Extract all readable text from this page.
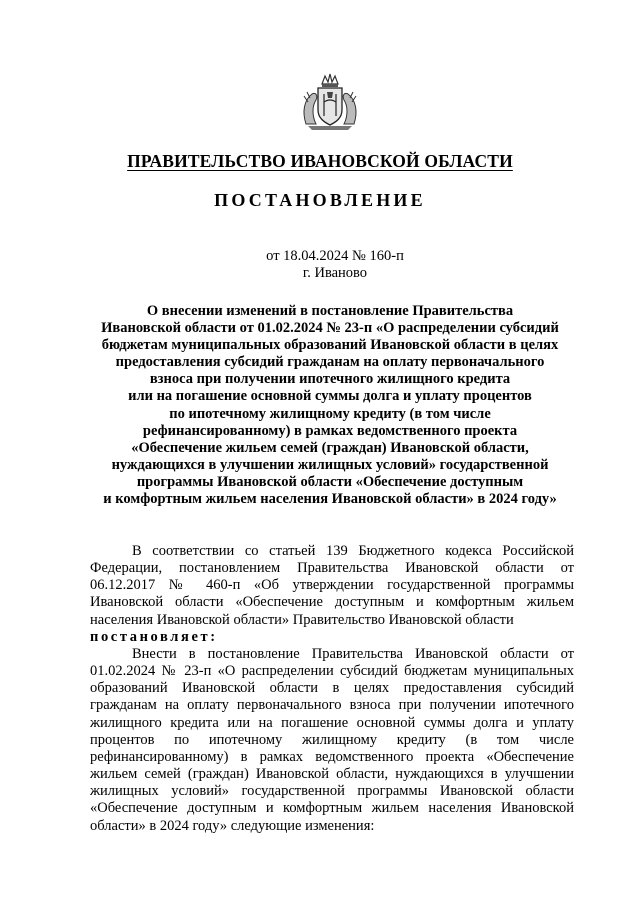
ПРАВИТЕЛЬСТВО ИВАНОВСКОЙ ОБЛАСТИ
ПОСТАНОВЛЕНИЕ
от 18.04.2024 № 160-п
г. Иваново
О внесении изменений в постановление Правительства
Ивановской области от 01.02.2024 № 23-п «О распределении субсидий
бюджетам муниципальных образований Ивановской области в целях
предоставления субсидий гражданам на оплату первоначального
взноса при получении ипотечного жилищного кредита
или на погашение основной суммы долга и уплату процентов
по ипотечному жилищному кредиту (в том числе
рефинансированному) в рамках ведомственного проекта
«Обеспечение жильем семей (граждан) Ивановской области,
нуждающихся в улучшении жилищных условий» государственной
программы Ивановской области «Обеспечение доступным
и комфортным жильем населения Ивановской области» в 2024 году»

В соответствии со статьей 139 Бюджетного кодекса Российской Федерации, постановлением Правительства Ивановской области от 06.12.2017 № 460-п «Об утверждении государственной программы Ивановской области «Обеспечение доступным и комфортным жильем населения Ивановской области» Правительство Ивановской области

постановляет:

Внести в постановление Правительства Ивановской области от 01.02.2024 № 23-п «О распределении субсидий бюджетам муниципальных образований Ивановской области в целях предоставления субсидий гражданам на оплату первоначального взноса при получении ипотечного жилищного кредита или на погашение основной суммы долга и уплату процентов по ипотечному жилищному кредиту (в том числе рефинансированному) в рамках ведомственного проекта «Обеспечение жильем семей (граждан) Ивановской области, нуждающихся в улучшении жилищных условий» государственной программы Ивановской области «Обеспечение доступным и комфортным жильем населения Ивановской области» в 2024 году» следующие изменения:
